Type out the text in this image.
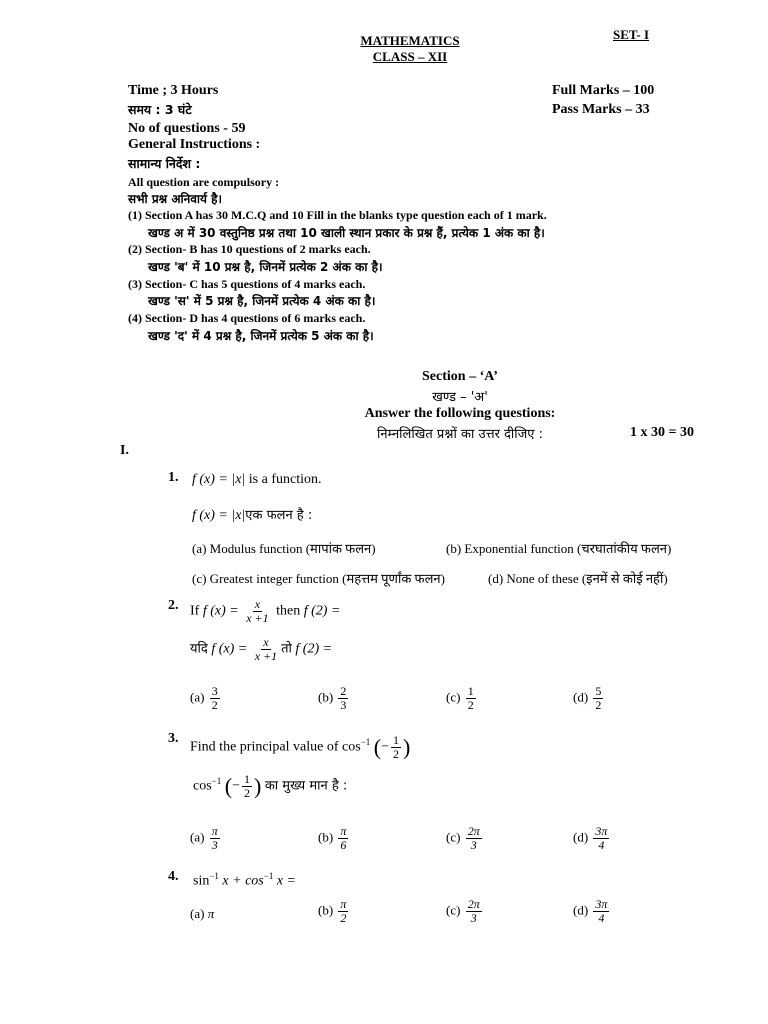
MATHEMATICS
CLASS – XII
SET- I
Time ; 3 Hours
समय : 3 घंटे
Full Marks – 100
Pass Marks – 33
No of questions - 59
General Instructions :
सामान्य निर्देश :
All question are compulsory :
सभी प्रश्न अनिवार्य है।
(1) Section A has 30 M.C.Q and 10 Fill in the blanks type question each of 1 mark.
खण्ड अ में 30 वस्तुनिष्ठ प्रश्न तथा 10 खाली स्थान प्रकार के प्रश्न हैं, प्रत्येक 1 अंक का है।
(2) Section- B has 10 questions of 2 marks each.
खण्ड 'ब' में 10 प्रश्न है, जिनमें प्रत्येक 2 अंक का है।
(3) Section- C has 5 questions of 4 marks each.
खण्ड 'स' में 5 प्रश्न है, जिनमें प्रत्येक 4 अंक का है।
(4) Section- D has 4 questions of 6 marks each.
खण्ड 'द' में 4 प्रश्न है, जिनमें प्रत्येक 5 अंक का है।
Section – ‘A’
खण्ड – 'अ'
Answer the following questions:
निम्नलिखित प्रश्नों का उत्तर दीजिए :	1 x 30 = 30
I.
1. f (x) = |x| is a function.
f (x) = |x|एक फलन है :
(a) Modulus function (मापांक फलन)	(b) Exponential function (चरघातांकीय फलन)
(c) Greatest integer function (महत्तम पूर्णांक फलन)	(d) None of these (इनमें से कोई नहीं)
2. If f $(x) = \frac{x}{x +1}$ then f (2) =
यदि f $(x) = \frac{x}{x +1}$ तो f (2) =
$(a) \frac{3}{2}$	$(b) \frac{2}{3}$	$(c) \frac{1}{2}$	$(d) \frac{5}{2}$
3.
Find the principal value of $\cos^{-1}$ (− $\frac{1}{2}$ )
$\cos^{-1}$ (− $\frac{1}{2}$ ) का मुख्य मान है :
$(a) \frac{\pi}{3}$	$(b) \frac{\pi}{6}$	$(c) \frac{2\pi}{3}$	$(d) \frac{3\pi}{4}$
4. $\sin^{-1} x + \cos^{-1} x$ =
(a) π	$(b) \frac{\pi}{2}$	$(c) \frac{2\pi}{3}$	$(d) \frac{3\pi}{4}$
